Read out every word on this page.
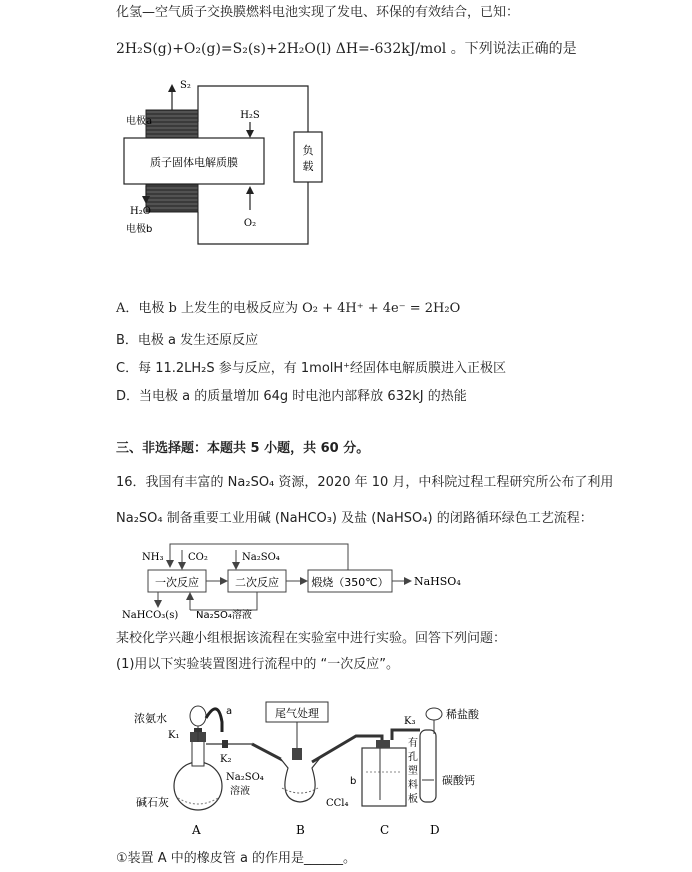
化氢—空气质子交换膜燃料电池实现了发电、环保的有效结合，已知：
2H₂S(g)+O₂(g)=S₂(s)+2H₂O(l) ΔH=-632kJ/mol 。下列说法正确的是
负
载
质子固体电解质膜
S₂
H₂S
电极a
H₂O
电极b
O₂
A．电极 b 上发生的电极反应为 O₂ + 4H⁺ + 4e⁻ = 2H₂O
B．电极 a 发生还原反应
C．每 11.2LH₂S 参与反应，有 1molH⁺经固体电解质膜进入正极区
D．当电极 a 的质量增加 64g 时电池内部释放 632kJ 的热能
三、非选择题：本题共 5 小题，共 60 分。
16．我国有丰富的 Na₂SO₄ 资源，2020 年 10 月，中科院过程工程研究所公布了利用
Na₂SO₄ 制备重要工业用碱 (NaHCO₃) 及盐 (NaHSO₄) 的闭路循环绿色工艺流程：
NH₃ CO₂	Na₂SO₄
一次反应	二次反应	煅烧（350℃） NaHSO₄
NaHCO₃(s) Na₂SO₄溶液
某校化学兴趣小组根据该流程在实验室中进行实验。回答下列问题：
(1)用以下实验装置图进行流程中的 “一次反应”。
浓氨水
a
K₁
K₂
碱石灰
尾气处理
Na₂SO₄
溶液
CCl₄
b
K₃
稀盐酸
碳酸钙
有
孔
塑
料
板
A	B	C	D
①装置 A 中的橡皮管 a 的作用是______。
